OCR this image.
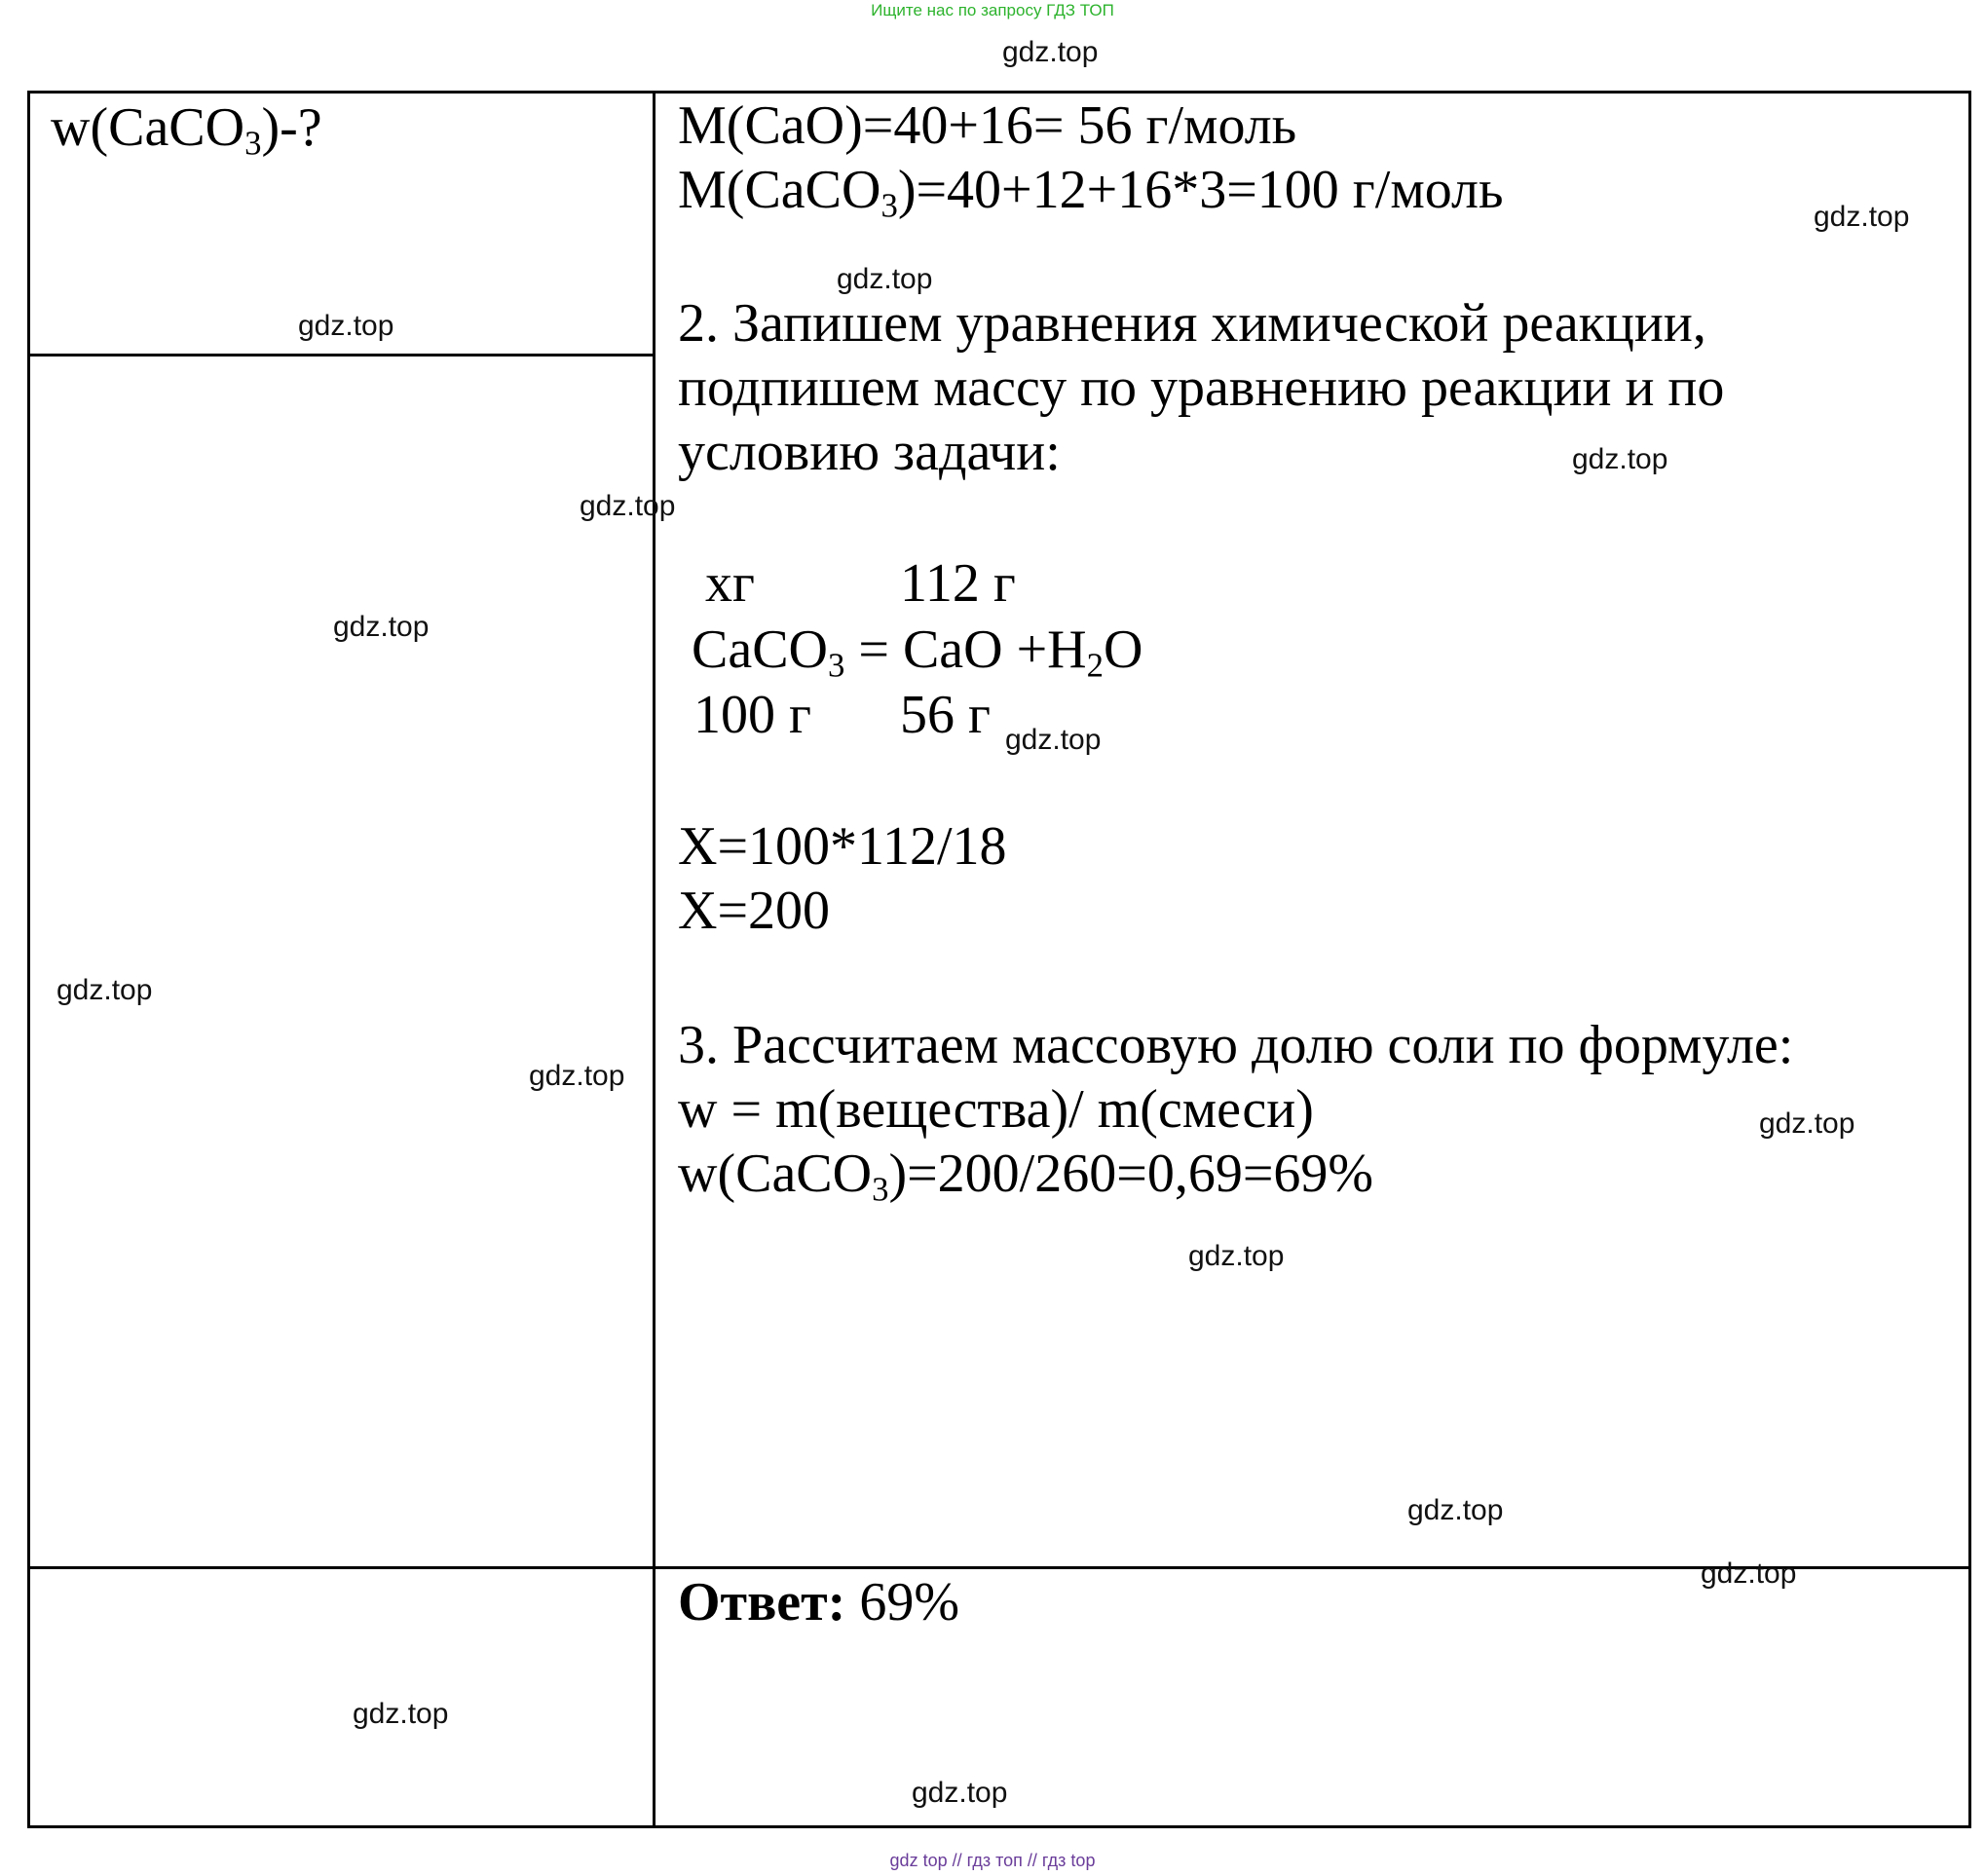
Ищите нас по запросу ГДЗ ТОП
w(CaCO$_3$)-?	M(CaO)=40+16= 56 г/моль
M(CaCO$_3$)=40+12+16*3=100 г/моль
2. Запишем уравнения химической реакции,
подпишем массу по уравнению реакции и по
условию задачи:
xг	112 г
CaCO$_3$ = CaO $+H_2O$
100 г 56 г
X=100*112/18
X=200
3. Рассчитаем массовую долю соли по формуле:
w = m(вещества)/ m(смеси)
w(CaCO$_3$)=200/260=0,69=69%
Ответ: 69%
gdz.top
gdz.top
gdz.top
gdz.top
gdz.top
gdz.top
gdz.top
gdz.top
gdz.top
gdz.top
gdz.top
gdz.top
gdz.top
gdz.top
gdz.top
gdz.top
gdz top // гдз топ // гдз top
